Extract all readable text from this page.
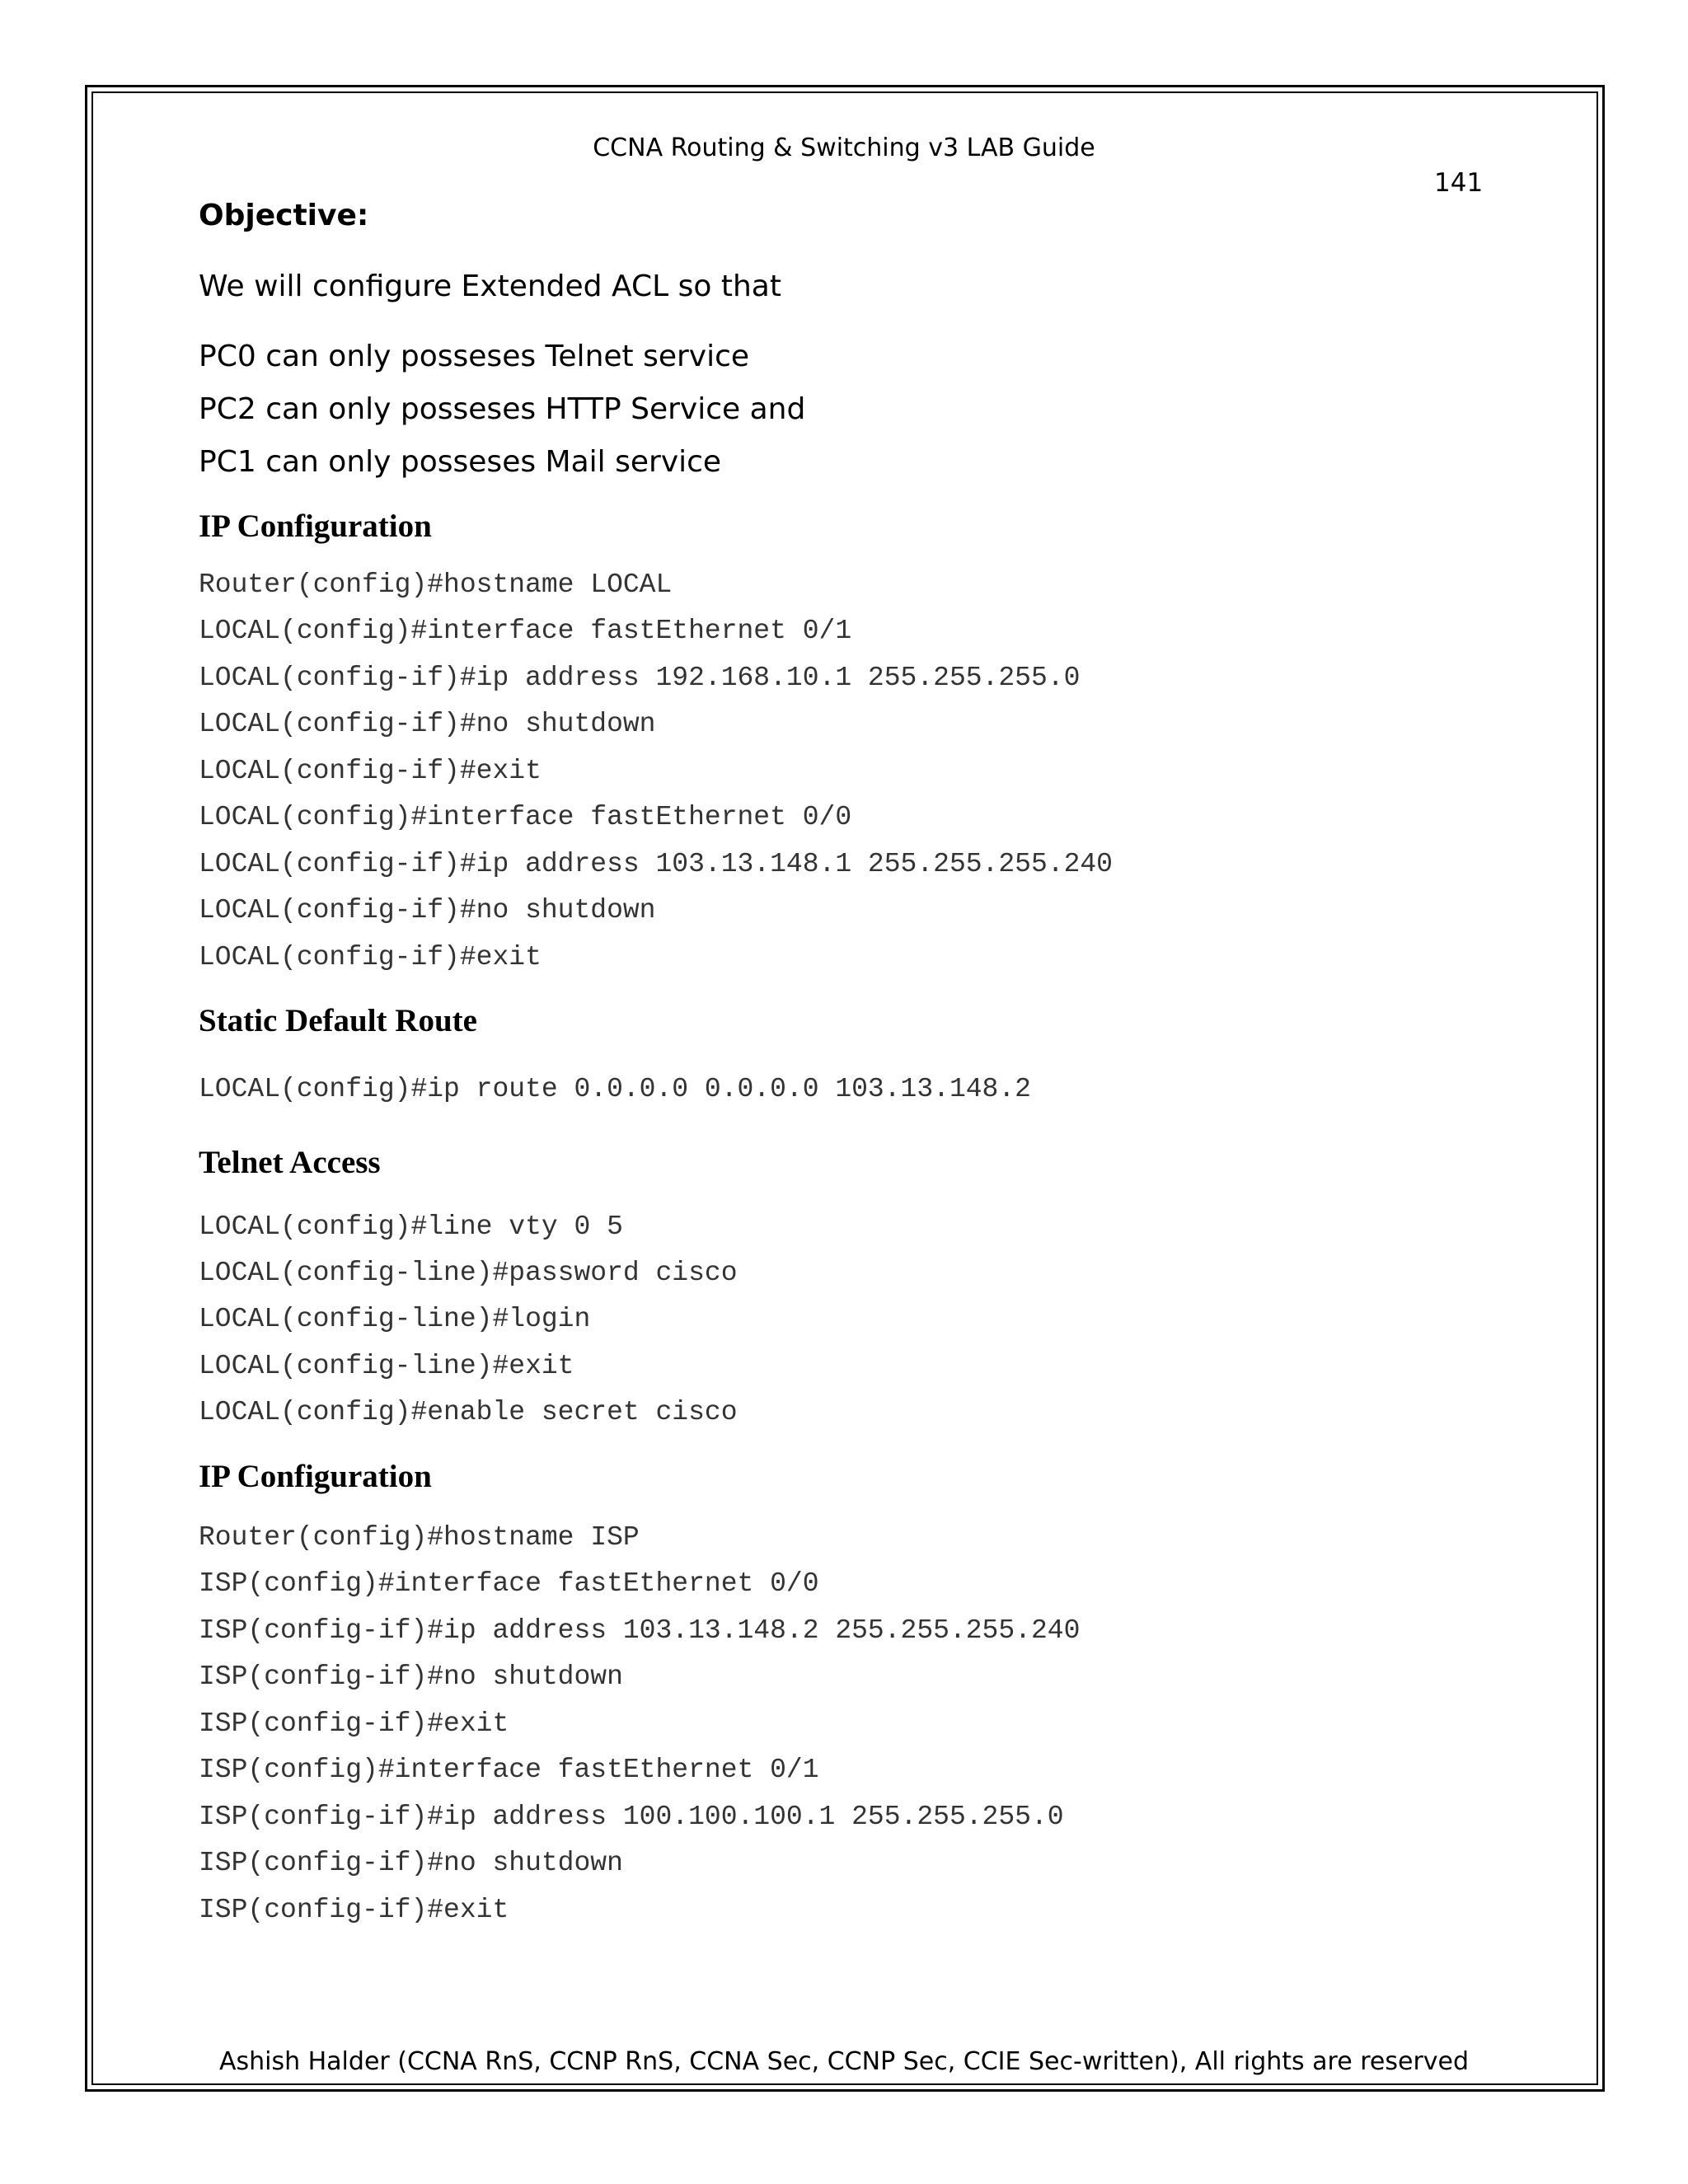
CCNA Routing & Switching v3 LAB Guide
141
Objective:
We will configure Extended ACL so that
PC0 can only posseses Telnet service
PC2 can only posseses HTTP Service and
PC1 can only posseses Mail service
IP Configuration
Router(config)#hostname LOCAL
LOCAL(config)#interface fastEthernet 0/1
LOCAL(config-if)#ip address 192.168.10.1 255.255.255.0
LOCAL(config-if)#no shutdown
LOCAL(config-if)#exit
LOCAL(config)#interface fastEthernet 0/0
LOCAL(config-if)#ip address 103.13.148.1 255.255.255.240
LOCAL(config-if)#no shutdown
LOCAL(config-if)#exit
Static Default Route
LOCAL(config)#ip route 0.0.0.0 0.0.0.0 103.13.148.2
Telnet Access
LOCAL(config)#line vty 0 5
LOCAL(config-line)#password cisco
LOCAL(config-line)#login
LOCAL(config-line)#exit
LOCAL(config)#enable secret cisco
IP Configuration
Router(config)#hostname ISP
ISP(config)#interface fastEthernet 0/0
ISP(config-if)#ip address 103.13.148.2 255.255.255.240
ISP(config-if)#no shutdown
ISP(config-if)#exit
ISP(config)#interface fastEthernet 0/1
ISP(config-if)#ip address 100.100.100.1 255.255.255.0
ISP(config-if)#no shutdown
ISP(config-if)#exit
Ashish Halder (CCNA RnS, CCNP RnS, CCNA Sec, CCNP Sec, CCIE Sec-written), All rights are reserved
